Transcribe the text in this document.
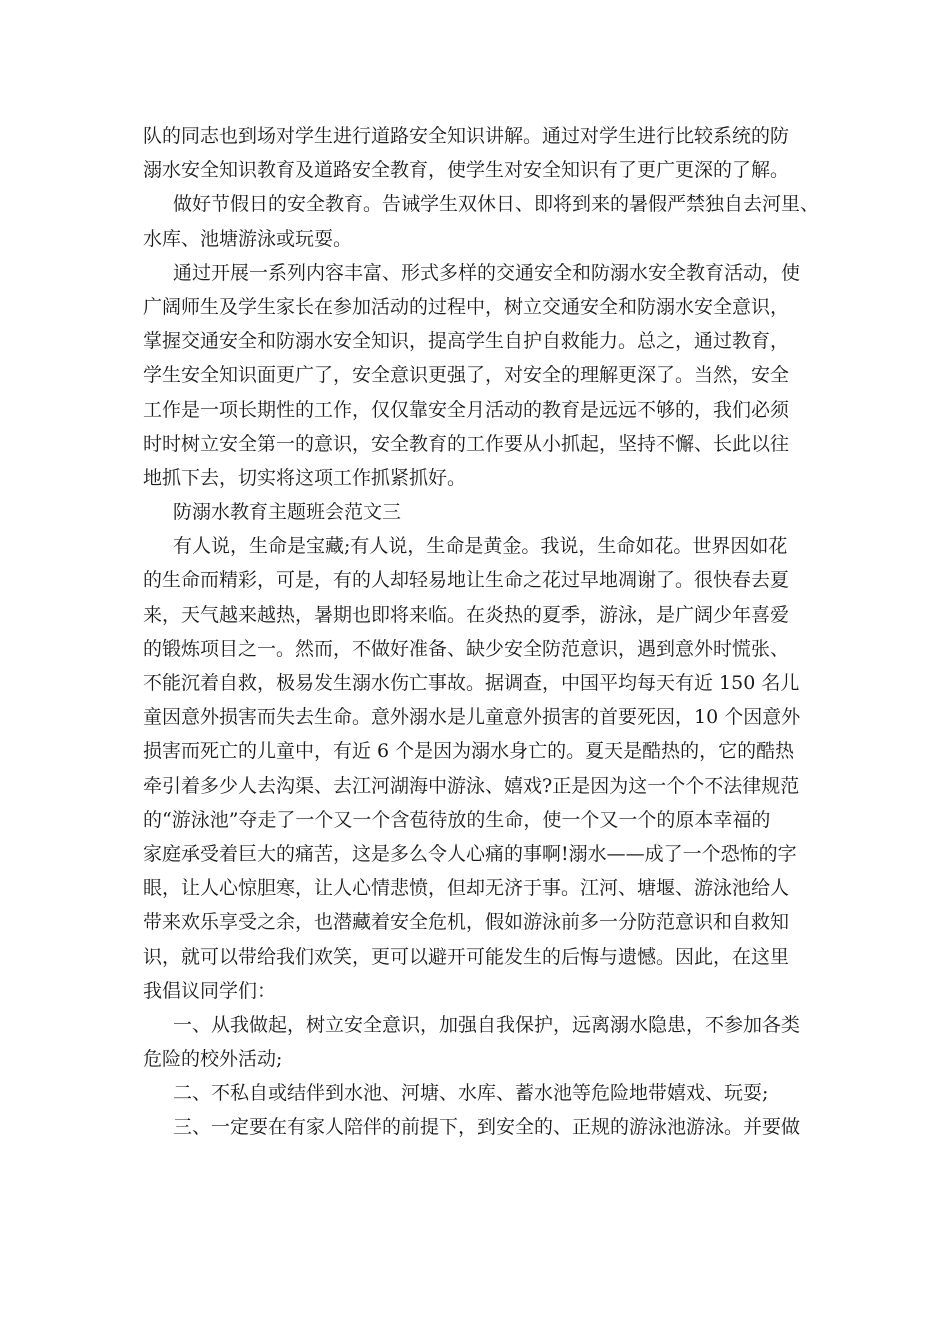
队的同志也到场对学生进行道路安全知识讲解。通过对学生进行比较系统的防
溺水安全知识教育及道路安全教育，使学生对安全知识有了更广更深的了解。
做好节假日的安全教育。告诫学生双休日、即将到来的暑假严禁独自去河里、
水库、池塘游泳或玩耍。
通过开展一系列内容丰富、形式多样的交通安全和防溺水安全教育活动，使
广阔师生及学生家长在参加活动的过程中，树立交通安全和防溺水安全意识，
掌握交通安全和防溺水安全知识，提高学生自护自救能力。总之，通过教育，
学生安全知识面更广了，安全意识更强了，对安全的理解更深了。当然，安全
工作是一项长期性的工作，仅仅靠安全月活动的教育是远远不够的，我们必须
时时树立安全第一的意识，安全教育的工作要从小抓起，坚持不懈、长此以往
地抓下去，切实将这项工作抓紧抓好。
防溺水教育主题班会范文三
有人说，生命是宝藏;有人说，生命是黄金。我说，生命如花。世界因如花
的生命而精彩，可是，有的人却轻易地让生命之花过早地凋谢了。很快春去夏
来，天气越来越热，暑期也即将来临。在炎热的夏季，游泳，是广阔少年喜爱
的锻炼项目之一。然而，不做好准备、缺少安全防范意识，遇到意外时慌张、
不能沉着自救，极易发生溺水伤亡事故。据调查，中国平均每天有近 150 名儿
童因意外损害而失去生命。意外溺水是儿童意外损害的首要死因，10 个因意外
损害而死亡的儿童中，有近 6 个是因为溺水身亡的。夏天是酷热的，它的酷热
牵引着多少人去沟渠、去江河湖海中游泳、嬉戏?正是因为这一个个不法律规范
的“游泳池”夺走了一个又一个含苞待放的生命，使一个又一个的原本幸福的
家庭承受着巨大的痛苦，这是多么令人心痛的事啊!溺水——成了一个恐怖的字
眼，让人心惊胆寒，让人心情悲愤，但却无济于事。江河、塘堰、游泳池给人
带来欢乐享受之余，也潜藏着安全危机，假如游泳前多一分防范意识和自救知
识，就可以带给我们欢笑，更可以避开可能发生的后悔与遗憾。因此，在这里
我倡议同学们：
一、从我做起，树立安全意识，加强自我保护，远离溺水隐患，不参加各类
危险的校外活动;
二、不私自或结伴到水池、河塘、水库、蓄水池等危险地带嬉戏、玩耍;
三、一定要在有家人陪伴的前提下，到安全的、正规的游泳池游泳。并要做
